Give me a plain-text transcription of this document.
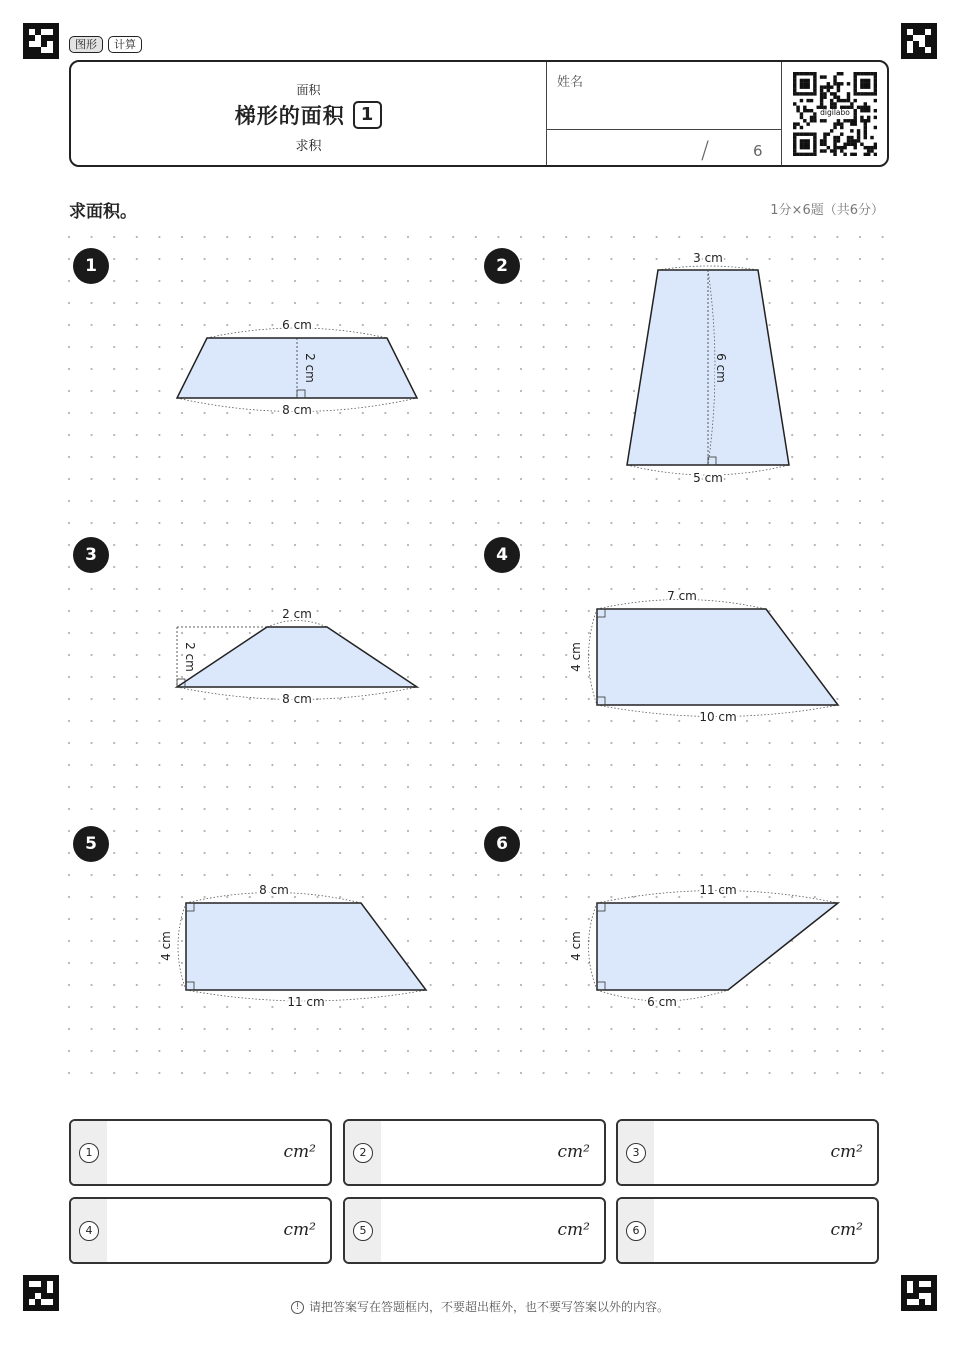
图形	计算
面积
梯形的面积 1
求积
姓名
/	6
digilabo
求面积。	1分×6题（共6分）
6 cm
8 cm
2 cm
3 cm
5 cm
6 cm
2 cm
8 cm
2 cm
7 cm
10 cm
4 cm
8 cm
11 cm
4 cm
11 cm
6 cm
4 cm
1	2
3	4
5	6
1	cm²	2	cm²	3	cm²
4	cm²	5	cm²	6	cm²
! 请把答案写在答题框内，不要超出框外，也不要写答案以外的内容。
